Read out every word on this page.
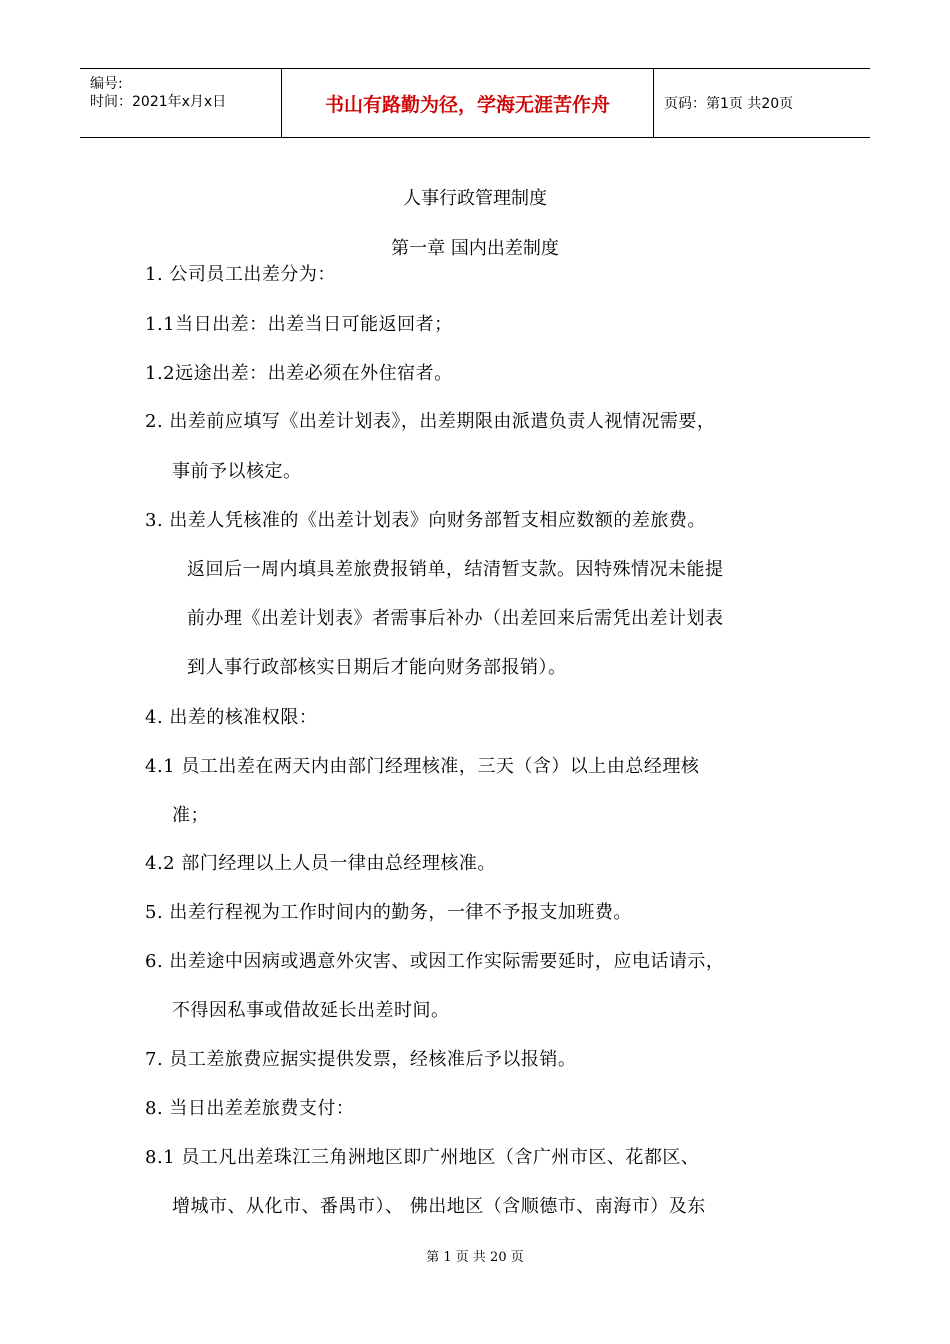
编号:
时间：2021年x月x日	书山有路勤为径，学海无涯苦作舟	页码：第1页 共20页
人事行政管理制度
第一章 国内出差制度
1. 公司员工出差分为：
1.1当日出差：出差当日可能返回者；
1.2远途出差：出差必须在外住宿者。
2. 出差前应填写《出差计划表》，出差期限由派遣负责人视情况需要，
事前予以核定。
3. 出差人凭核准的《出差计划表》向财务部暂支相应数额的差旅费。
返回后一周内填具差旅费报销单，结清暂支款。因特殊情况未能提
前办理《出差计划表》者需事后补办（出差回来后需凭出差计划表
到人事行政部核实日期后才能向财务部报销）。
4. 出差的核准权限：
4.1 员工出差在两天内由部门经理核准，三天（含）以上由总经理核
准；
4.2 部门经理以上人员一律由总经理核准。
5. 出差行程视为工作时间内的勤务，一律不予报支加班费。
6. 出差途中因病或遇意外灾害、或因工作实际需要延时，应电话请示，
不得因私事或借故延长出差时间。
7. 员工差旅费应据实提供发票，经核准后予以报销。
8. 当日出差差旅费支付：
8.1 员工凡出差珠江三角洲地区即广州地区（含广州市区、花都区、
增城市、从化市、番禺市）、 佛出地区（含顺德市、南海市）及东
第 1 页 共 20 页
